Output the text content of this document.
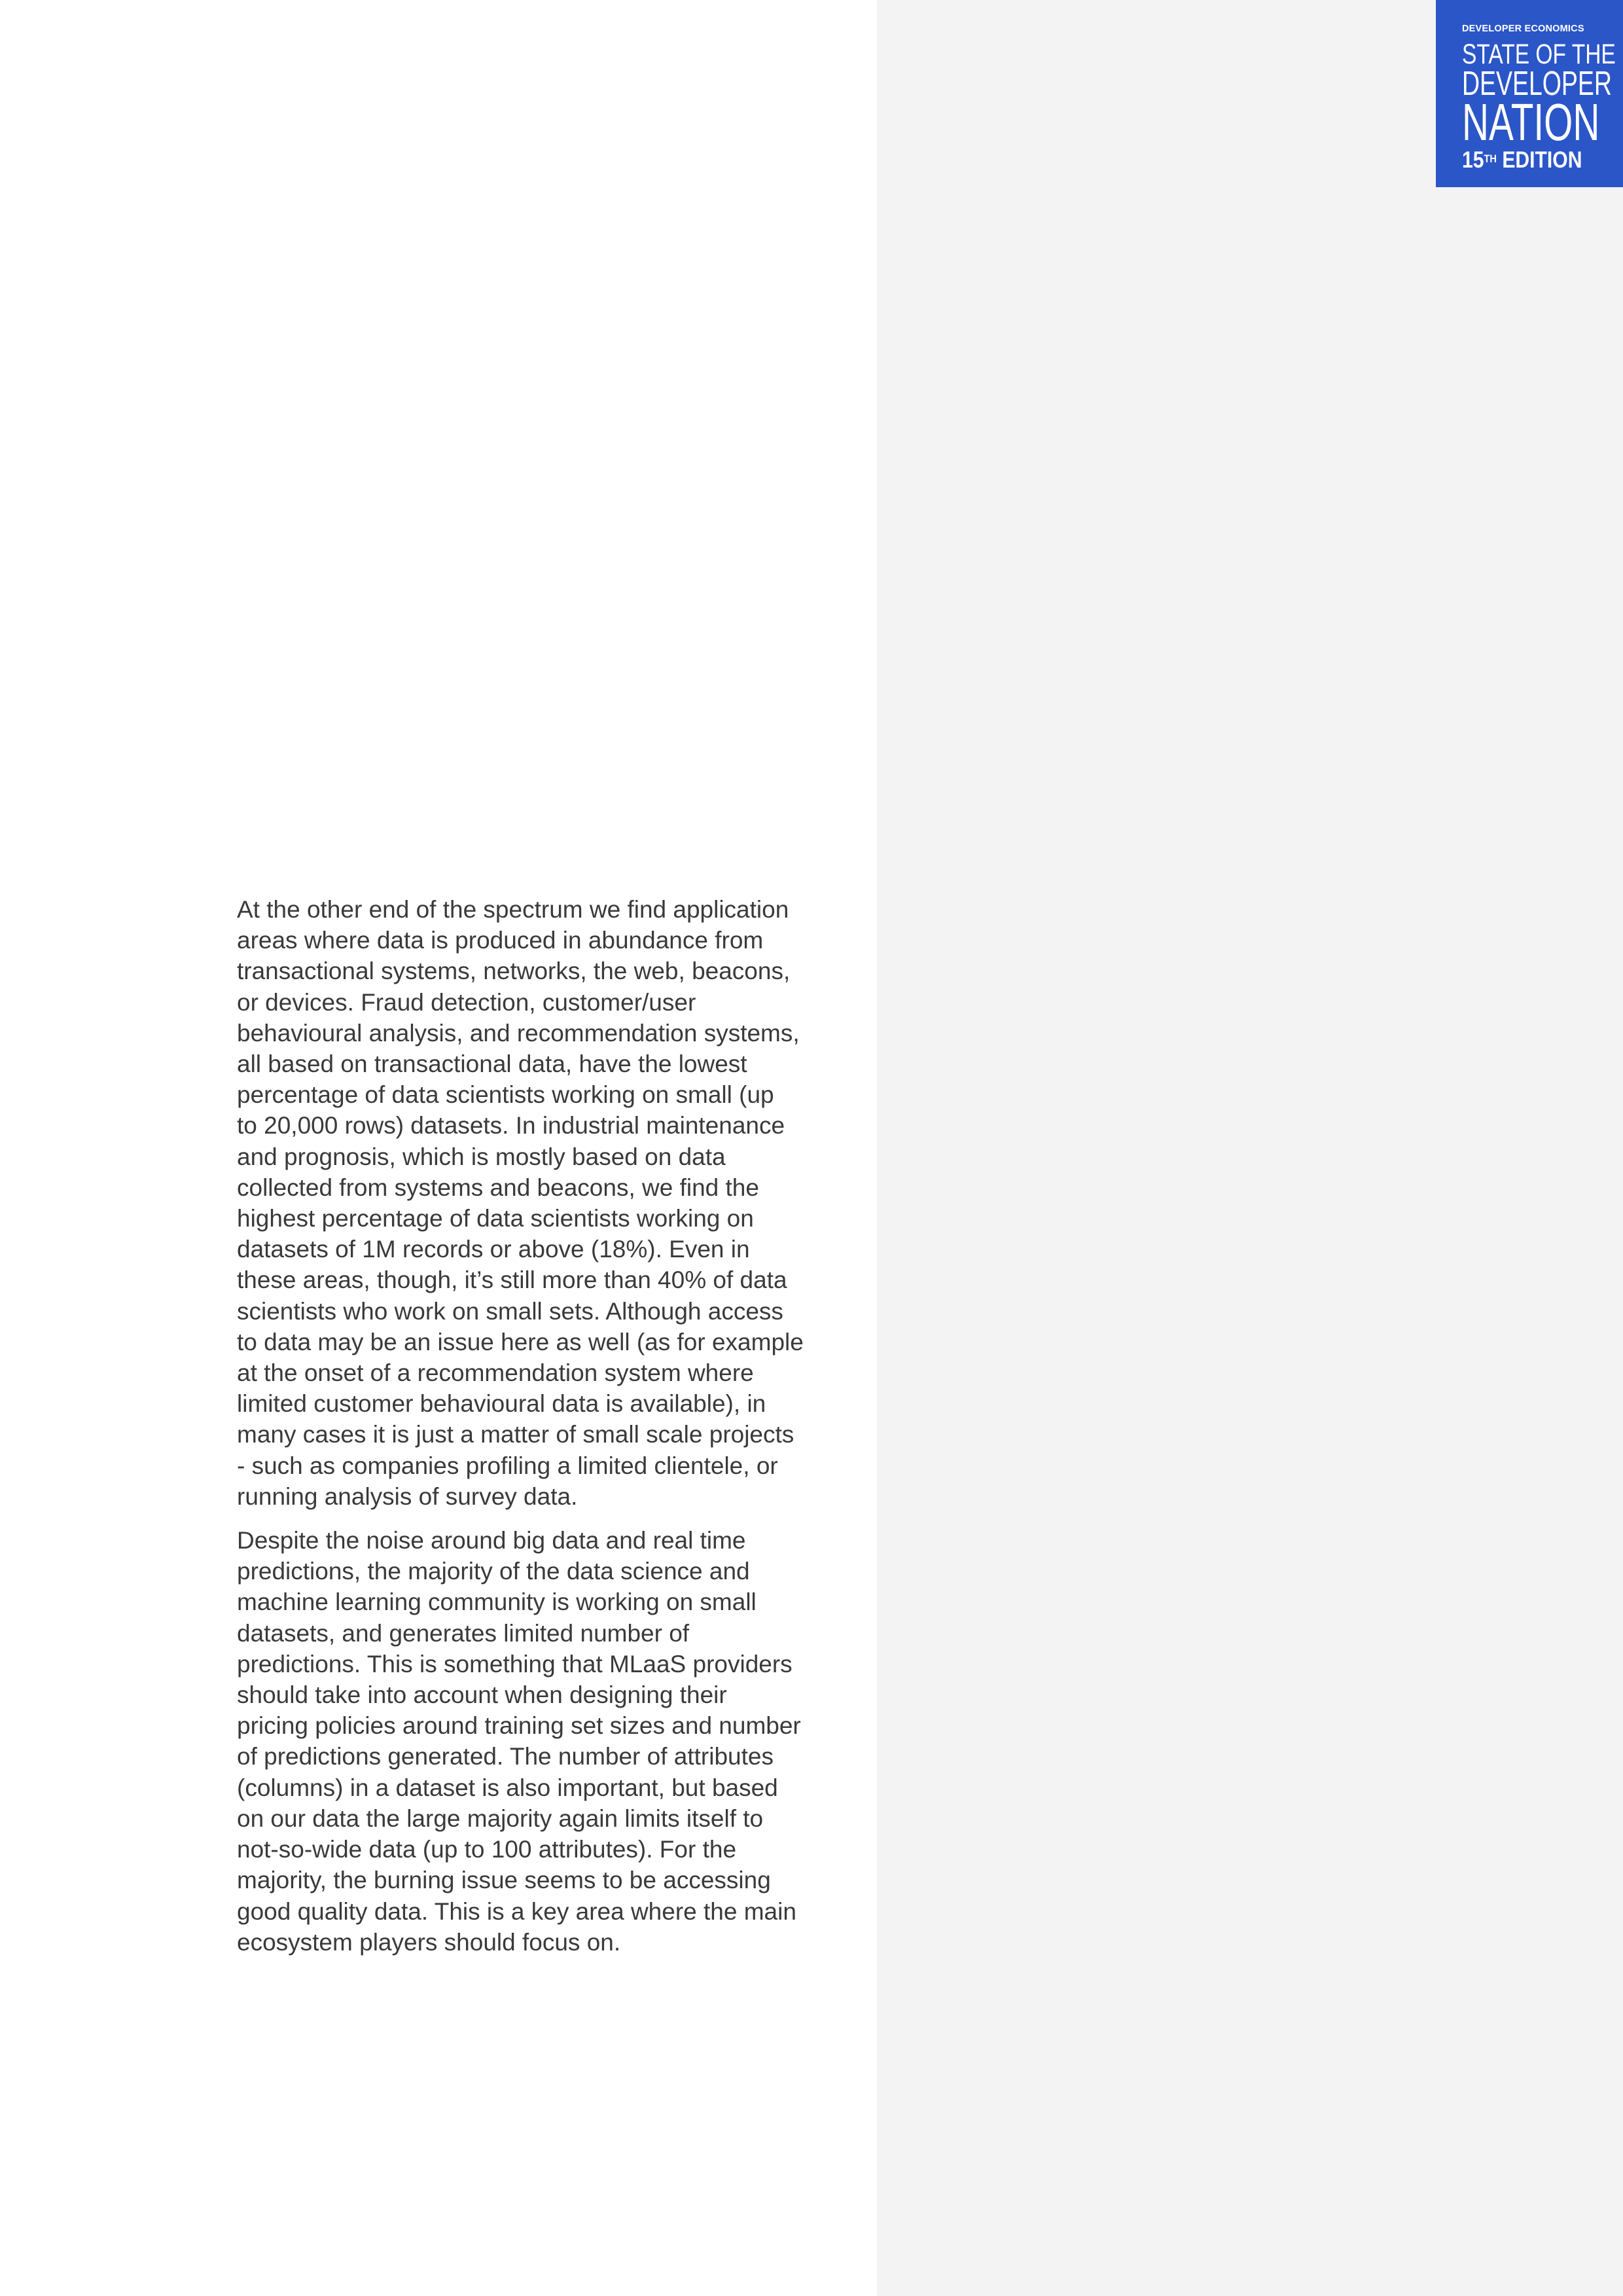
DEVELOPER ECONOMICS
STATE OF THE
DEVELOPER
NATION
15TH EDITION

At the other end of the spectrum we find application
areas where data is produced in abundance from
transactional systems, networks, the web, beacons,
or devices. Fraud detection, customer/user
behavioural analysis, and recommendation systems,
all based on transactional data, have the lowest
percentage of data scientists working on small (up
to 20,000 rows) datasets. In industrial maintenance
and prognosis, which is mostly based on data
collected from systems and beacons, we find the
highest percentage of data scientists working on
datasets of 1M records or above (18%). Even in
these areas, though, it’s still more than 40% of data
scientists who work on small sets. Although access
to data may be an issue here as well (as for example
at the onset of a recommendation system where
limited customer behavioural data is available), in
many cases it is just a matter of small scale projects
- such as companies profiling a limited clientele, or
running analysis of survey data.

Despite the noise around big data and real time
predictions, the majority of the data science and
machine learning community is working on small
datasets, and generates limited number of
predictions. This is something that MLaaS providers
should take into account when designing their
pricing policies around training set sizes and number
of predictions generated. The number of attributes
(columns) in a dataset is also important, but based
on our data the large majority again limits itself to
not-so-wide data (up to 100 attributes). For the
majority, the burning issue seems to be accessing
good quality data. This is a key area where the main
ecosystem players should focus on.
